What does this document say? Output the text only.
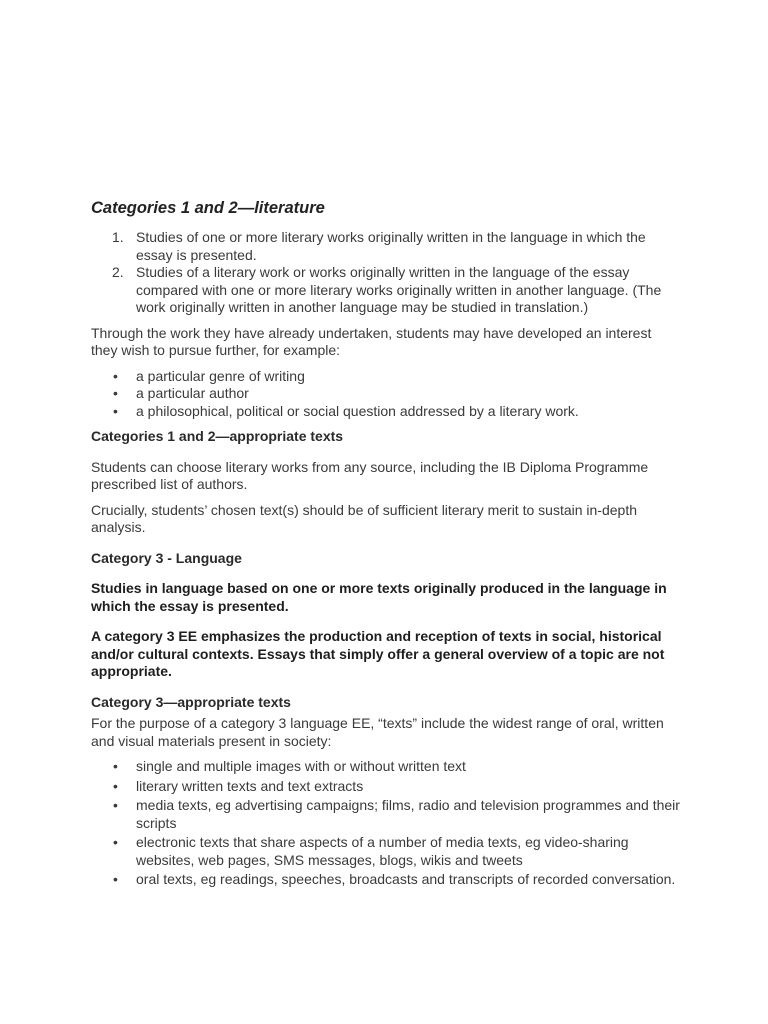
Categories 1 and 2—literature
1. Studies of one or more literary works originally written in the language in which the essay is presented.
2. Studies of a literary work or works originally written in the language of the essay compared with one or more literary works originally written in another language. (The work originally written in another language may be studied in translation.)

Through the work they have already undertaken, students may have developed an interest they wish to pursue further, for example:

• a particular genre of writing
• a particular author
• a philosophical, political or social question addressed by a literary work.

Categories 1 and 2—appropriate texts

Students can choose literary works from any source, including the IB Diploma Programme prescribed list of authors.

Crucially, students’ chosen text(s) should be of sufficient literary merit to sustain in-depth analysis.

Category 3 - Language

Studies in language based on one or more texts originally produced in the language in which the essay is presented.

A category 3 EE emphasizes the production and reception of texts in social, historical and/or cultural contexts. Essays that simply offer a general overview of a topic are not appropriate.

Category 3—appropriate texts

For the purpose of a category 3 language EE, “texts” include the widest range of oral, written and visual materials present in society:

• single and multiple images with or without written text
• literary written texts and text extracts
• media texts, eg advertising campaigns; films, radio and television programmes and their scripts
• electronic texts that share aspects of a number of media texts, eg video-sharing websites, web pages, SMS messages, blogs, wikis and tweets
• oral texts, eg readings, speeches, broadcasts and transcripts of recorded conversation.
